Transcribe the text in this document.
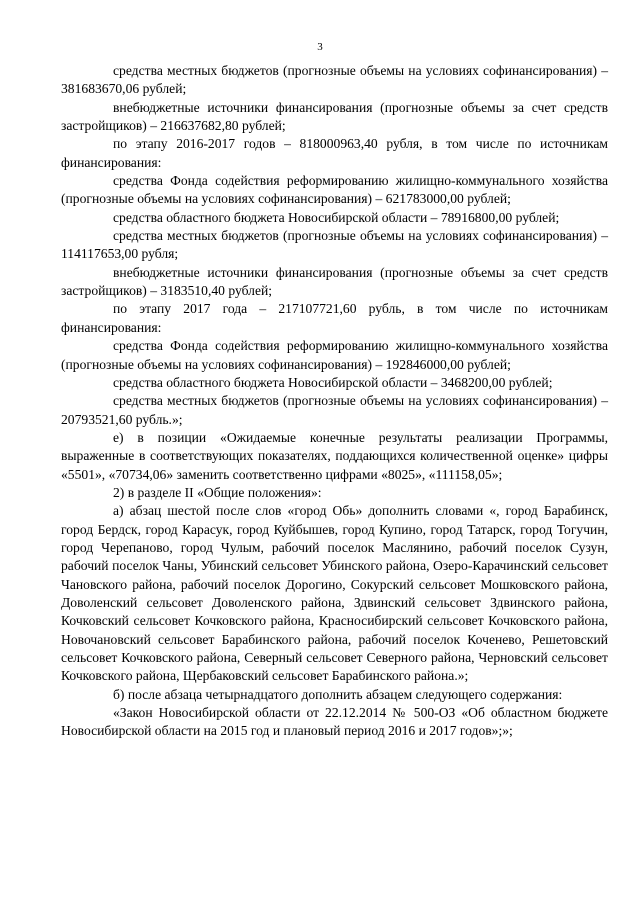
3

средства местных бюджетов (прогнозные объемы на условиях софинансирования) – 381683670,06 рублей;

внебюджетные источники финансирования (прогнозные объемы за счет средств застройщиков) – 216637682,80 рублей;

по этапу 2016-2017 годов – 818000963,40 рубля, в том числе по источникам финансирования:

средства Фонда содействия реформированию жилищно-коммунального хозяйства (прогнозные объемы на условиях софинансирования) – 621783000,00 рублей;

средства областного бюджета Новосибирской области – 78916800,00 рублей;

средства местных бюджетов (прогнозные объемы на условиях софинансирования) – 114117653,00 рубля;

внебюджетные источники финансирования (прогнозные объемы за счет средств застройщиков) – 3183510,40 рублей;

по этапу 2017 года – 217107721,60 рубль, в том числе по источникам финансирования:

средства Фонда содействия реформированию жилищно-коммунального хозяйства (прогнозные объемы на условиях софинансирования) – 192846000,00 рублей;

средства областного бюджета Новосибирской области – 3468200,00 рублей;

средства местных бюджетов (прогнозные объемы на условиях софинансирования) – 20793521,60 рубль.»;

е) в позиции «Ожидаемые конечные результаты реализации Программы, выраженные в соответствующих показателях, поддающихся количественной оценке» цифры «5501», «70734,06» заменить соответственно цифрами «8025», «111158,05»;

2) в разделе II «Общие положения»:

а) абзац шестой после слов «город Обь» дополнить словами «, город Барабинск, город Бердск, город Карасук, город Куйбышев, город Купино, город Татарск, город Тогучин, город Черепаново, город Чулым, рабочий поселок Маслянино, рабочий поселок Сузун, рабочий поселок Чаны, Убинский сельсовет Убинского района, Озеро-Карачинский сельсовет Чановского района, рабочий поселок Дорогино, Сокурский сельсовет Мошковского района, Доволенский сельсовет Доволенского района, Здвинский сельсовет Здвинского района, Кочковский сельсовет Кочковского района, Красносибирский сельсовет Кочковского района, Новочановский сельсовет Барабинского района, рабочий поселок Коченево, Решетовский сельсовет Кочковского района, Северный сельсовет Северного района, Черновский сельсовет Кочковского района, Щербаковский сельсовет Барабинского района.»;

б) после абзаца четырнадцатого дополнить абзацем следующего содержания:

«Закон Новосибирской области от 22.12.2014 № 500-ОЗ «Об областном бюджете Новосибирской области на 2015 год и плановый период 2016 и 2017 годов»;»;
